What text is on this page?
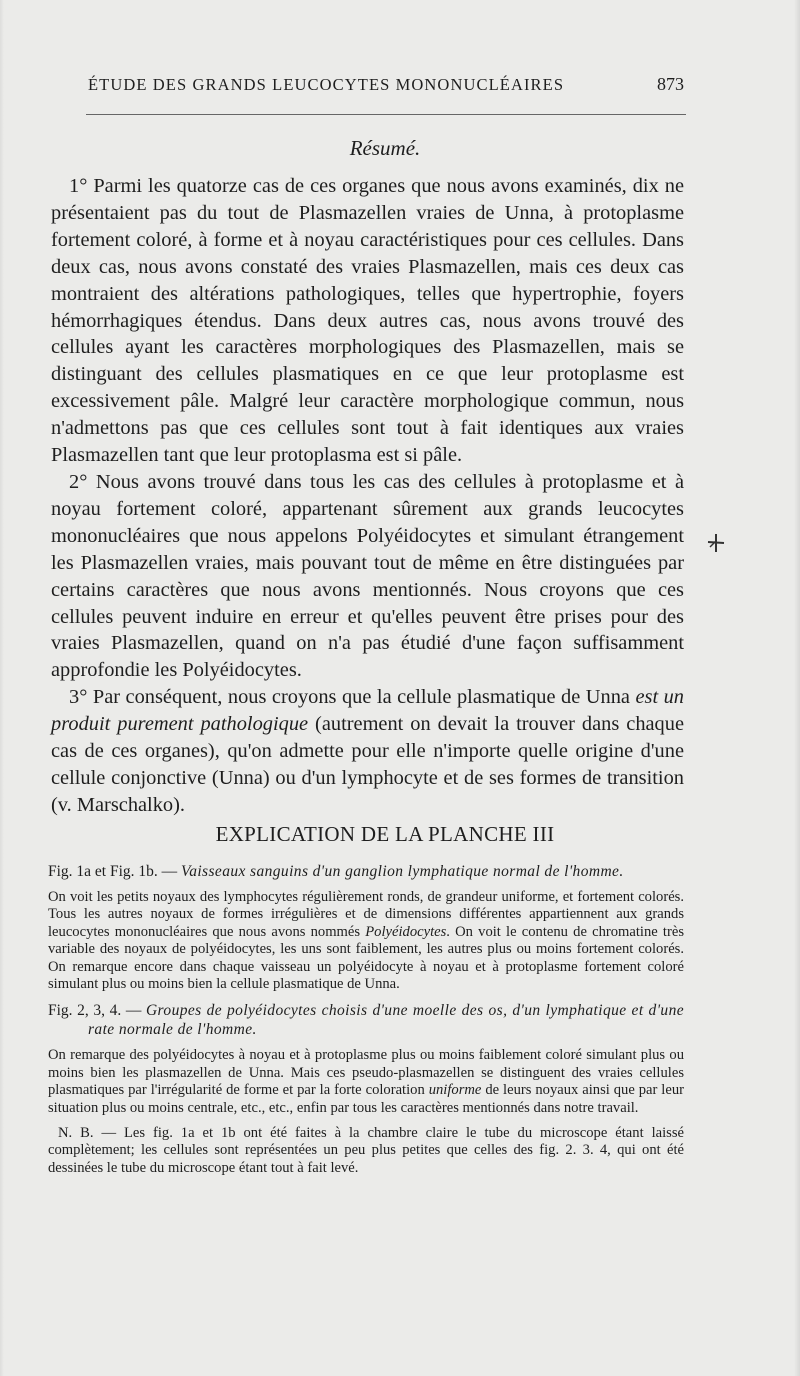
ÉTUDE DES GRANDS LEUCOCYTES MONONUCLÉAIRES	873
Résumé.

1° Parmi les quatorze cas de ces organes que nous avons examinés, dix ne présentaient pas du tout de Plasmazellen vraies de Unna, à protoplasme fortement coloré, à forme et à noyau caractéristiques pour ces cellules. Dans deux cas, nous avons constaté des vraies Plasmazellen, mais ces deux cas montraient des altérations pathologiques, telles que hypertrophie, foyers hémorrhagiques étendus. Dans deux autres cas, nous avons trouvé des cellules ayant les caractères morphologiques des Plasmazellen, mais se distinguant des cellules plasmatiques en ce que leur protoplasme est excessivement pâle. Malgré leur caractère morphologique commun, nous n'admettons pas que ces cellules sont tout à fait identiques aux vraies Plasmazellen tant que leur protoplasma est si pâle.

2° Nous avons trouvé dans tous les cas des cellules à protoplasme et à noyau fortement coloré, appartenant sûrement aux grands leucocytes mononucléaires que nous appelons Polyéidocytes et simulant étrangement les Plasmazellen vraies, mais pouvant tout de même en être distinguées par certains caractères que nous avons mentionnés. Nous croyons que ces cellules peuvent induire en erreur et qu'elles peuvent être prises pour des vraies Plasmazellen, quand on n'a pas étudié d'une façon suffisamment approfondie les Polyéidocytes.

3° Par conséquent, nous croyons que la cellule plasmatique de Unna est un produit purement pathologique (autrement on devait la trouver dans chaque cas de ces organes), qu'on admette pour elle n'importe quelle origine d'une cellule conjonctive (Unna) ou d'un lymphocyte et de ses formes de transition (v. Marschalko).

EXPLICATION DE LA PLANCHE III

Fig. 1a et Fig. 1b. — Vaisseaux sanguins d'un ganglion lymphatique normal de l'homme.

On voit les petits noyaux des lymphocytes régulièrement ronds, de grandeur uniforme, et fortement colorés. Tous les autres noyaux de formes irrégulières et de dimensions différentes appartiennent aux grands leucocytes mononucléaires que nous avons nommés Polyéidocytes. On voit le contenu de chromatine très variable des noyaux de polyéidocytes, les uns sont faiblement, les autres plus ou moins fortement colorés. On remarque encore dans chaque vaisseau un polyéidocyte à noyau et à protoplasme fortement coloré simulant plus ou moins bien la cellule plasmatique de Unna.

Fig. 2, 3, 4. — Groupes de polyéidocytes choisis d'une moelle des os, d'un lymphatique et d'une rate normale de l'homme.

On remarque des polyéidocytes à noyau et à protoplasme plus ou moins faiblement coloré simulant plus ou moins bien les plasmazellen de Unna. Mais ces pseudo-plasmazellen se distinguent des vraies cellules plasmatiques par l'irrégularité de forme et par la forte coloration uniforme de leurs noyaux ainsi que par leur situation plus ou moins centrale, etc., etc., enfin par tous les caractères mentionnés dans notre travail.

N. B. — Les fig. 1a et 1b ont été faites à la chambre claire le tube du microscope étant laissé complètement; les cellules sont représentées un peu plus petites que celles des fig. 2. 3. 4, qui ont été dessinées le tube du microscope étant tout à fait levé.
